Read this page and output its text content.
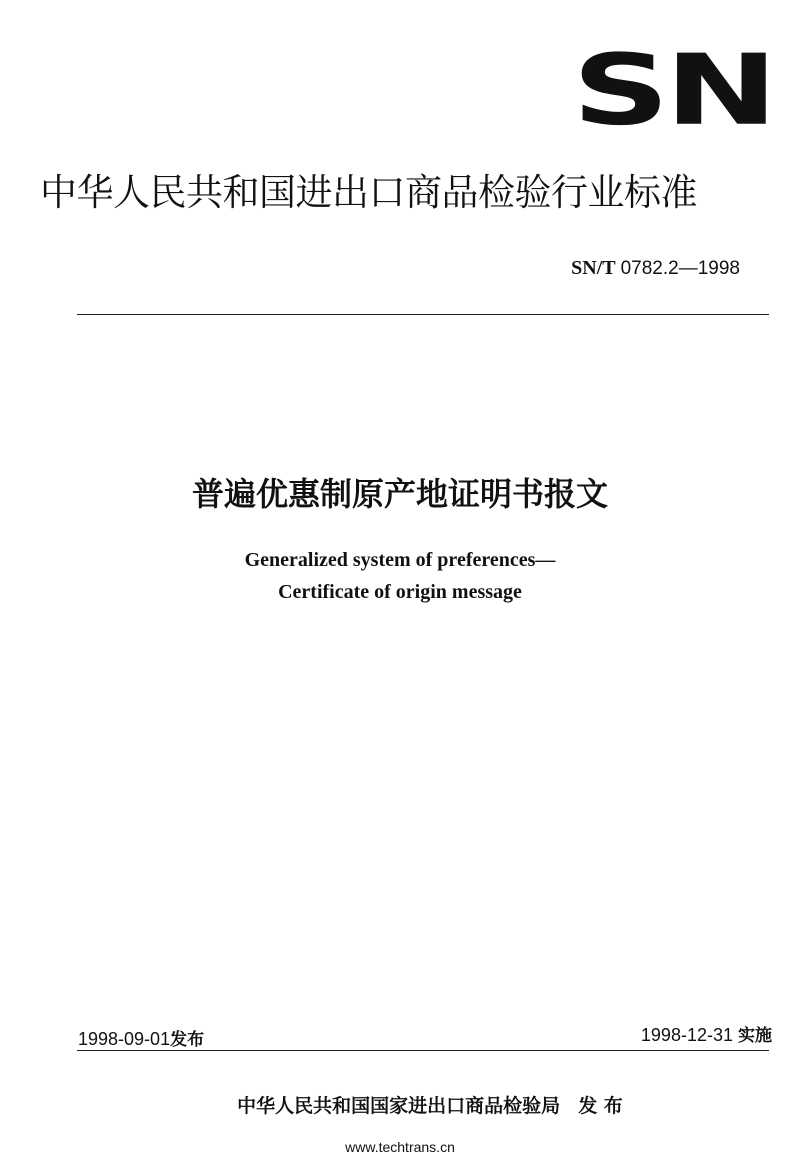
SN
中华人民共和国进出口商品检验行业标准
SN/T 0782.2—1998
普遍优惠制原产地证明书报文
Generalized system of preferences—
Certificate of origin message
1998-09-01发布	1998-12-31 实施
中华人民共和国国家进出口商品检验局 发 布
www.techtrans.cn
